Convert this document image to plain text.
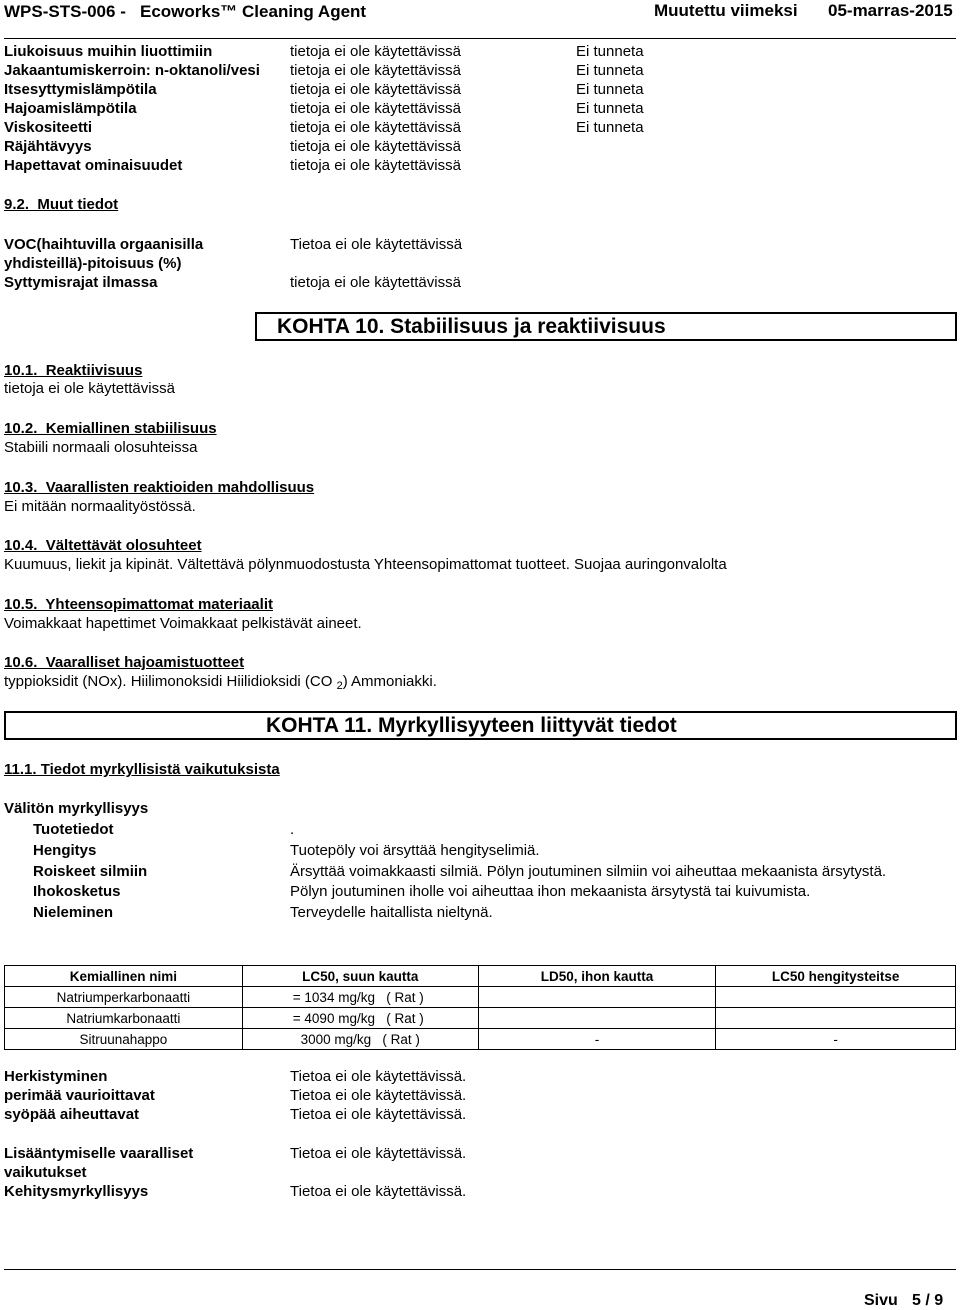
WPS-STS-006 - Ecoworks™ Cleaning Agent	Muutettu viimeksi 05-marras-2015
Liukoisuus muihin liuottimiin	tietoja ei ole käytettävissä	Ei tunneta
Jakaantumiskerroin: n-oktanoli/vesi tietoja ei ole käytettävissä	Ei tunneta
Itsesyttymislämpötila	tietoja ei ole käytettävissä	Ei tunneta
Hajoamislämpötila	tietoja ei ole käytettävissä	Ei tunneta
Viskositeetti	tietoja ei ole käytettävissä	Ei tunneta
Räjähtävyys	tietoja ei ole käytettävissä
Hapettavat ominaisuudet	tietoja ei ole käytettävissä
9.2.  Muut tiedot
VOC(haihtuvilla orgaanisilla
yhdisteillä)-pitoisuus (%)
Tietoa ei ole käytettävissä
Syttymisrajat ilmassa	tietoja ei ole käytettävissä
KOHTA 10. Stabiilisuus ja reaktiivisuus
10.1.  Reaktiivisuus
tietoja ei ole käytettävissä
10.2.  Kemiallinen stabiilisuus
Stabiili normaali olosuhteissa
10.3.  Vaarallisten reaktioiden mahdollisuus
Ei mitään normaalityöstössä.
10.4.  Vältettävät olosuhteet
Kuumuus, liekit ja kipinät. Vältettävä pölynmuodostusta Yhteensopimattomat tuotteet. Suojaa auringonvalolta
10.5.  Yhteensopimattomat materiaalit
Voimakkaat hapettimet Voimakkaat pelkistävät aineet.
10.6.  Vaaralliset hajoamistuotteet
typpioksidit (NOx). Hiilimonoksidi Hiilidioksidi (CO $_2$) Ammoniakki.
KOHTA 11. Myrkyllisyyteen liittyvät tiedot
11.1. Tiedot myrkyllisistä vaikutuksista
Välitön myrkyllisyys
Tuotetiedot	.
Hengitys	Tuotepöly voi ärsyttää hengityselimiä.
Roiskeet silmiin	Ärsyttää voimakkaasti silmiä. Pölyn joutuminen silmiin voi aiheuttaa mekaanista ärsytystä.
Ihokosketus	Pölyn joutuminen iholle voi aiheuttaa ihon mekaanista ärsytystä tai kuivumista.
Nieleminen	Terveydelle haitallista nieltynä.
Kemiallinen nimi	LC50, suun kautta	LD50, ihon kautta	LC50 hengitysteitse
Natriumperkarbonaatti	= 1034 mg/kg   ( Rat )		
Natriumkarbonaatti	= 4090 mg/kg   ( Rat )		
Sitruunahappo	3000 mg/kg   ( Rat )	-	-
Herkistyminen	Tietoa ei ole käytettävissä.
perimää vaurioittavat	Tietoa ei ole käytettävissä.
syöpää aiheuttavat	Tietoa ei ole käytettävissä.
Lisääntymiselle vaaralliset
vaikutukset
Tietoa ei ole käytettävissä.
Kehitysmyrkyllisyys	Tietoa ei ole käytettävissä.
Sivu 5 / 9
